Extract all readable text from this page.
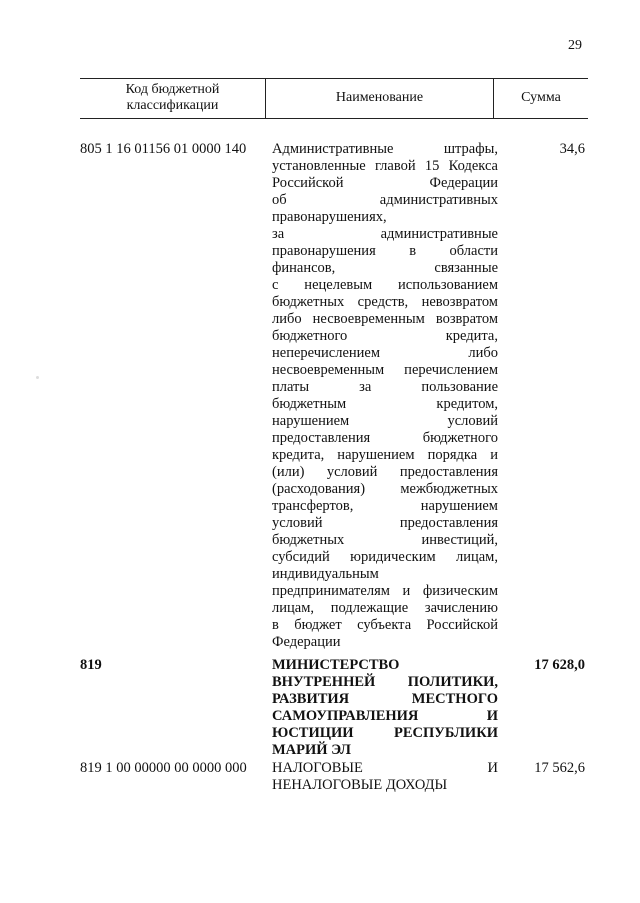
29
Код бюджетной
классификации
Наименование	Сумма
805 1 16 01156 01 0000 140 Административные штрафы,
установленные главой 15 Кодекса
Российской Федерации
об административных
правонарушениях,
за административные
правонарушения в области
финансов, связанные
с нецелевым использованием
бюджетных средств, невозвратом
либо несвоевременным возвратом
бюджетного кредита,
неперечислением либо
несвоевременным перечислением
платы за пользование
бюджетным кредитом,
нарушением условий
предоставления бюджетного
кредита, нарушением порядка и
(или) условий предоставления
(расходования) межбюджетных
трансфертов, нарушением
условий предоставления
бюджетных инвестиций,
субсидий юридическим лицам,
индивидуальным
предпринимателям и физическим
лицам, подлежащие зачислению
в бюджет субъекта Российской
Федерации
34,6
819	МИНИСТЕРСТВО
ВНУТРЕННЕЙ ПОЛИТИКИ,
РАЗВИТИЯ МЕСТНОГО
САМОУПРАВЛЕНИЯ И
ЮСТИЦИИ РЕСПУБЛИКИ
МАРИЙ ЭЛ
17 628,0
819 1 00 00000 00 0000 000 НАЛОГОВЫЕ И
НЕНАЛОГОВЫЕ ДОХОДЫ
17 562,6
